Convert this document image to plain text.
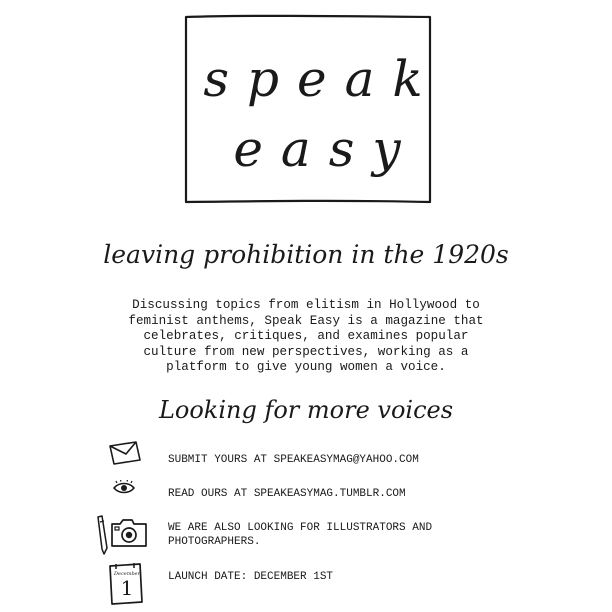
speak
easy
leaving prohibition in the 1920s
Discussing topics from elitism in Hollywood to
feminist anthems, Speak Easy is a magazine that
celebrates, critiques, and examines popular
culture from new perspectives, working as a
platform to give young women a voice.
Looking for more voices
SUBMIT YOURS AT SPEAKEASYMAG@YAHOO.COM
READ OURS AT SPEAKEASYMAG.TUMBLR.COM
WE ARE ALSO LOOKING FOR ILLUSTRATORS AND
PHOTOGRAPHERS.
December
1	LAUNCH DATE: DECEMBER 1ST
